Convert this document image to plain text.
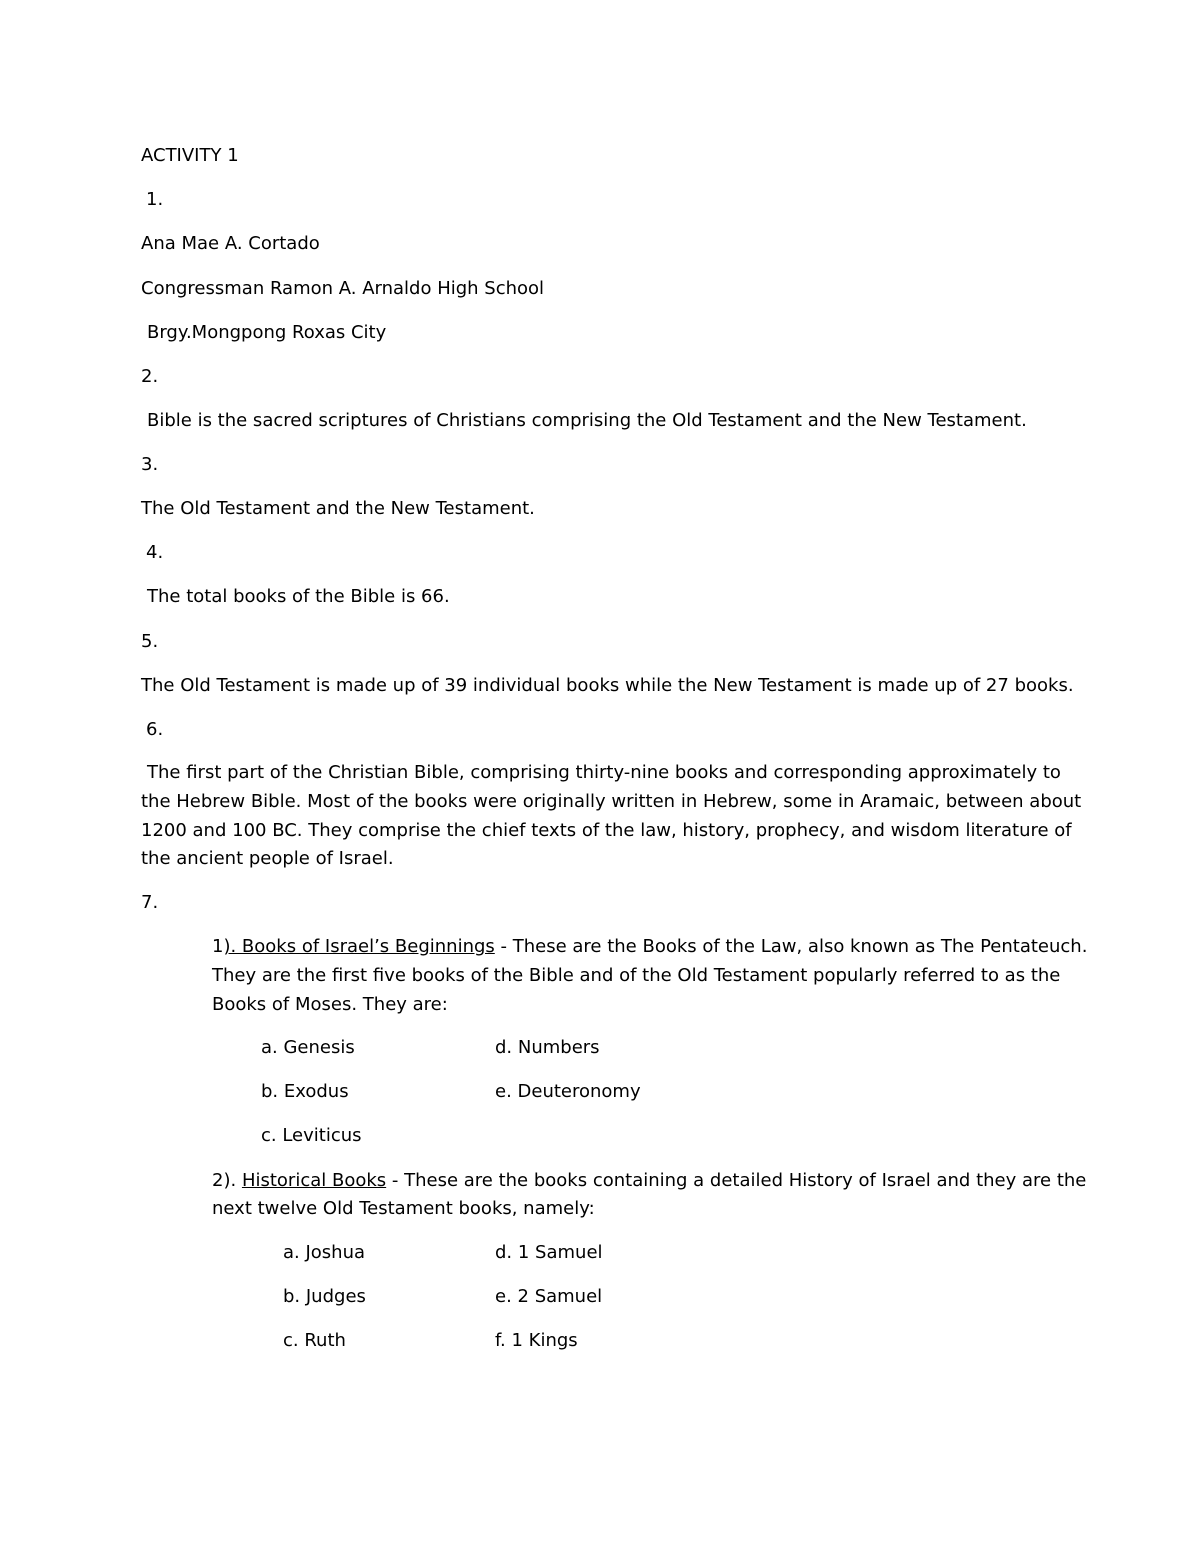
ACTIVITY 1
1.
Ana Mae A. Cortado
Congressman Ramon A. Arnaldo High School
Brgy.Mongpong Roxas City
2.
Bible is the sacred scriptures of Christians comprising the Old Testament and the New Testament.
3.
The Old Testament and the New Testament.
4.
The total books of the Bible is 66.
5.
The Old Testament is made up of 39 individual books while the New Testament is made up of 27 books.
6.
The first part of the Christian Bible, comprising thirty-nine books and corresponding approximately to
the Hebrew Bible. Most of the books were originally written in Hebrew, some in Aramaic, between about
1200 and 100 BC. They comprise the chief texts of the law, history, prophecy, and wisdom literature of
the ancient people of Israel.
7.
1). Books of Israel’s Beginnings - These are the Books of the Law, also known as The Pentateuch.
They are the first five books of the Bible and of the Old Testament popularly referred to as the
Books of Moses. They are:
a. Genesis	d. Numbers
b. Exodus	e. Deuteronomy
c. Leviticus
2). Historical Books - These are the books containing a detailed History of Israel and they are the
next twelve Old Testament books, namely:
a. Joshua	d. 1 Samuel
b. Judges	e. 2 Samuel
c. Ruth	f. 1 Kings
